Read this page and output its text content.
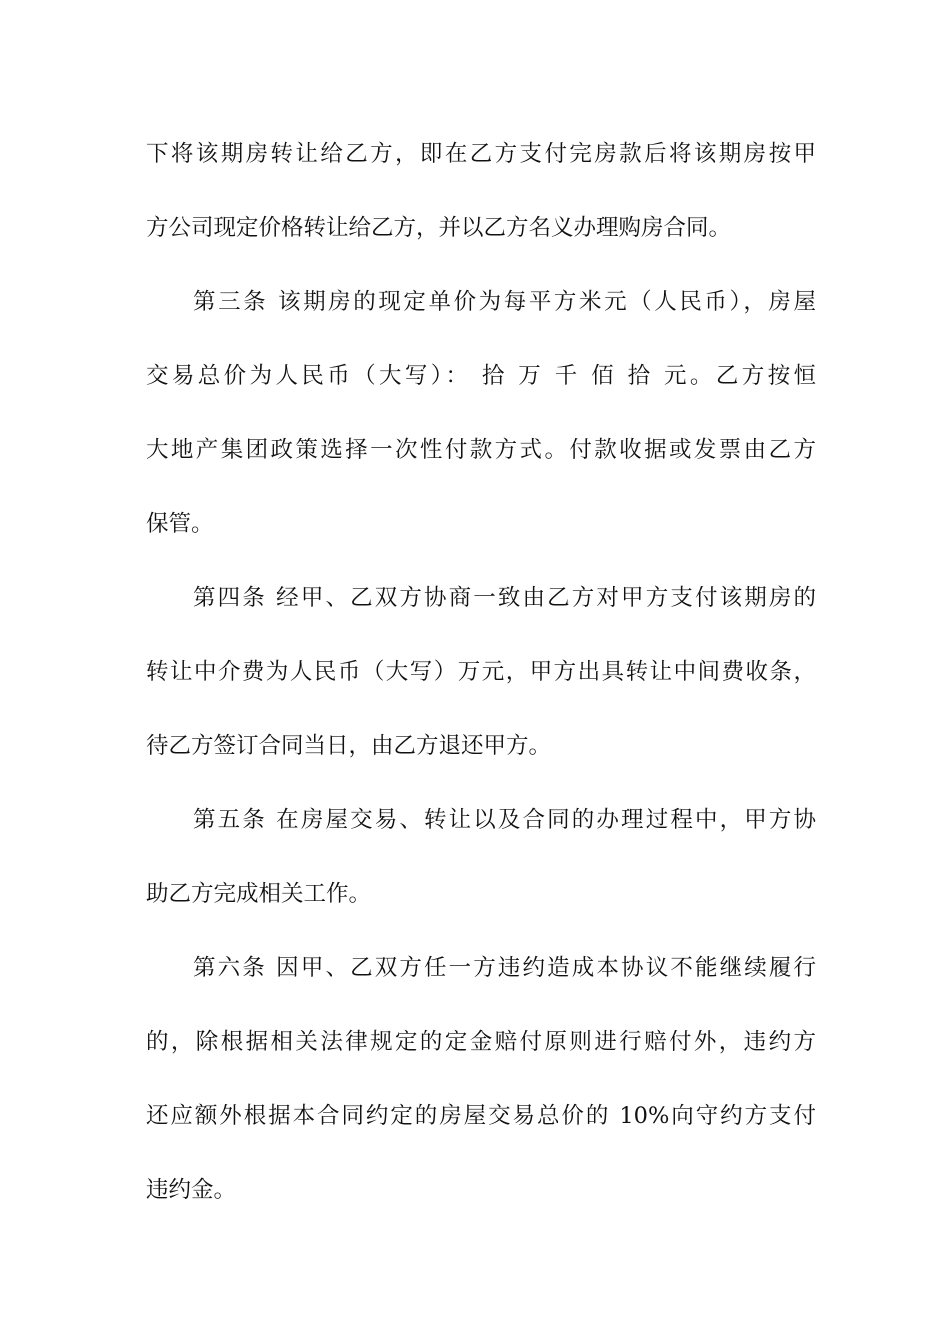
下将该期房转让给乙方，即在乙方支付完房款后将该期房按甲
方公司现定价格转让给乙方，并以乙方名义办理购房合同。
第三条 该期房的现定单价为每平方米元（人民币），房屋
交易总价为人民币（大写）： 拾 万 千 佰 拾 元。乙方按恒
大地产集团政策选择一次性付款方式。付款收据或发票由乙方
保管。
第四条 经甲、乙双方协商一致由乙方对甲方支付该期房的
转让中介费为人民币（大写）万元，甲方出具转让中间费收条，
待乙方签订合同当日，由乙方退还甲方。
第五条 在房屋交易、转让以及合同的办理过程中，甲方协
助乙方完成相关工作。
第六条 因甲、乙双方任一方违约造成本协议不能继续履行
的，除根据相关法律规定的定金赔付原则进行赔付外，违约方
还应额外根据本合同约定的房屋交易总价的 10%向守约方支付
违约金。
